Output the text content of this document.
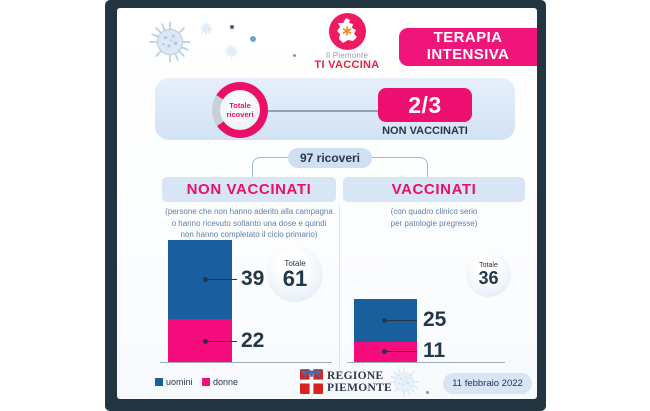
Il Piemonte
TI VACCINA
TERAPIA
INTENSIVA
Totale
ricoveri	2/3
NON VACCINATI
97 ricoveri
NON VACCINATI	VACCINATI
(persone che non hanno aderito alla campagna
o hanno ricevuto soltanto una dose e quindi
non hanno completato il ciclo primario)
(con quadro clinico serio
per patologie pregresse)
39
22
Totale
61
25
11
Totale
36
uomini donne	REGIONE
PIEMONTE	11 febbraio 2022
